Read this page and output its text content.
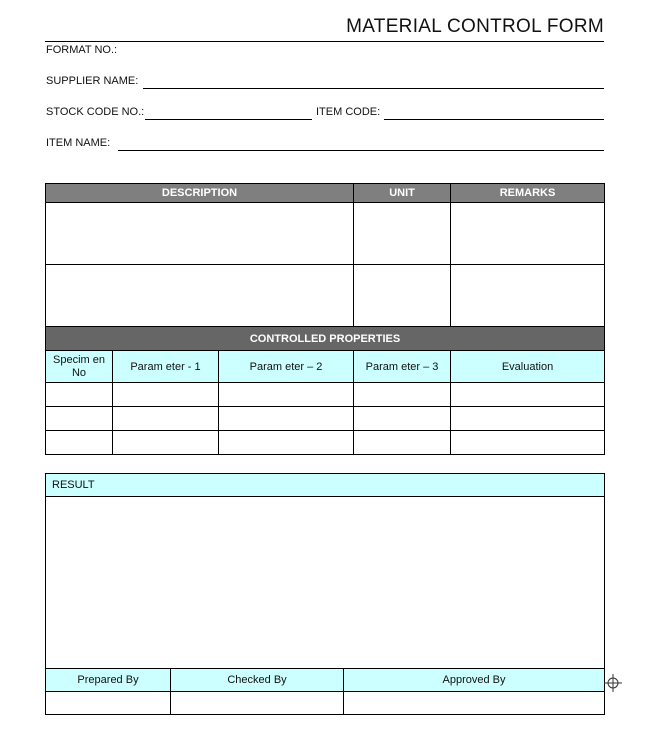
MATERIAL CONTROL FORM
FORMAT NO.:
SUPPLIER NAME:
STOCK CODE NO.:	ITEM CODE:
ITEM NAME:
DESCRIPTION			UNIT	REMARKS

CONTROLLED PROPERTIES				
Specim en
No	Param eter - 1	Param eter – 2	Param eter – 3	Evaluation

RESULT		

Prepared By	Checked By	Approved By
